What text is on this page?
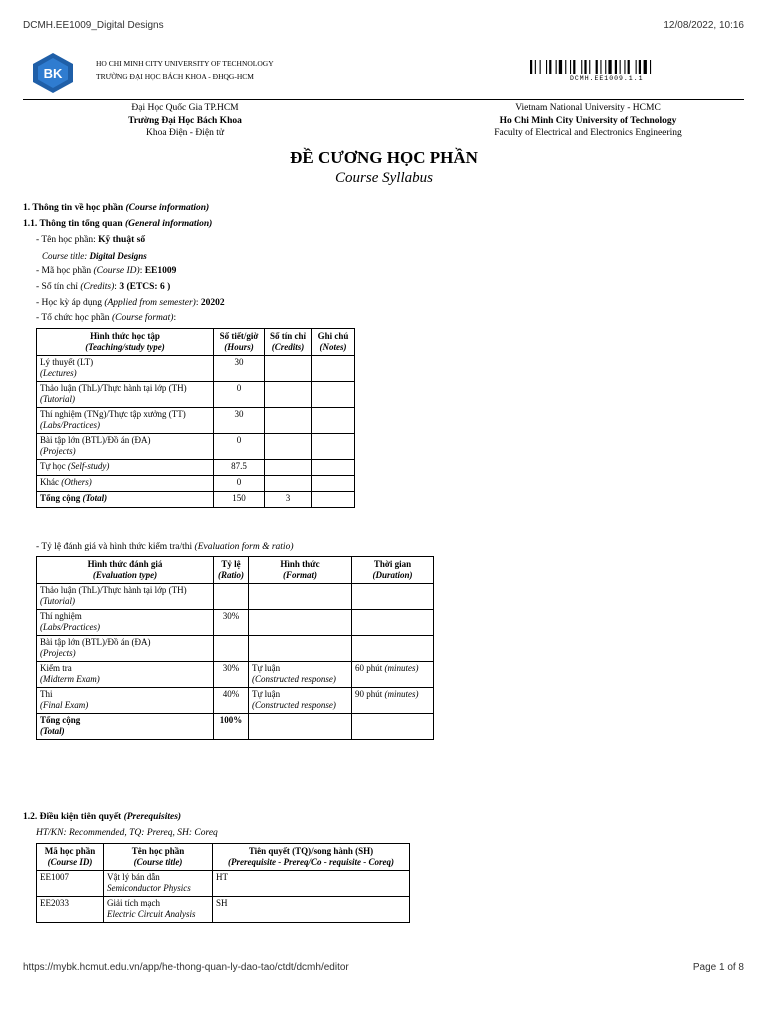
DCMH.EE1009_Digital Designs	12/08/2022, 10:16
BK
HO CHI MINH CITY UNIVERSITY OF TECHNOLOGY
TRƯỜNG ĐẠI HỌC BÁCH KHOA - ĐHQG-HCM	DCMH.EE1009.1.1
Đại Học Quốc Gia TP.HCM
Trường Đại Học Bách Khoa
Khoa Điện - Điện tử
Vietnam National University - HCMC
Ho Chi Minh City University of Technology
Faculty of Electrical and Electronics Engineering
ĐỀ CƯƠNG HỌC PHẦN
Course Syllabus
1. Thông tin về học phần (Course information)
1.1. Thông tin tổng quan (General information)
- Tên học phần: Kỹ thuật số
Course title: Digital Designs
- Mã học phần (Course ID): EE1009
- Số tín chỉ (Credits): 3 (ETCS: 6 )
- Học kỳ áp dụng (Applied from semester): 20202
- Tổ chức học phần (Course format):
Hình thức học tập
(Teaching/study type)	Số tiết/giờ
(Hours)	Số tín chỉ
(Credits)	Ghi chú
(Notes)
Lý thuyết (LT)
(Lectures)	30		
Thảo luận (ThL)/Thực hành tại lớp (TH)
(Tutorial)	0		
Thí nghiệm (TNg)/Thực tập xưởng (TT)
(Labs/Practices)	30		
Bài tập lớn (BTL)/Đồ án (ĐA)
(Projects)	0		
Tự học (Self-study)	87.5		
Khác (Others)	0		
Tổng cộng (Total)	150	3	
- Tỷ lệ đánh giá và hình thức kiểm tra/thi (Evaluation form & ratio)
Hình thức đánh giá
(Evaluation type)	Tỷ lệ
(Ratio)	Hình thức
(Format)	Thời gian
(Duration)
Thảo luận (ThL)/Thực hành tại lớp (TH)
(Tutorial)		

Thí nghiệm
(Labs/Practices)	30%	

Bài tập lớn (BTL)/Đồ án (ĐA)
(Projects)		

Kiểm tra
(Midterm Exam)	30%	Tự luận
(Constructed response)	60 phút (minutes)
Thi
(Final Exam)	40%	Tự luận
(Constructed response)	90 phút (minutes)
Tổng cộng
(Total)	100%		
1.2. Điều kiện tiên quyết (Prerequisites)
HT/KN: Recommended, TQ: Prereq, SH: Coreq
Mã học phần
(Course ID)	Tên học phần
(Course title)	Tiên quyết (TQ)/song hành (SH)
(Prerequisite - Prereq/Co - requisite - Coreq)
EE1007	Vật lý bán dẫn
Semiconductor Physics	HT
EE2033	Giải tích mạch
Electric Circuit Analysis	SH
https://mybk.hcmut.edu.vn/app/he-thong-quan-ly-dao-tao/ctdt/dcmh/editor	Page 1 of 8
